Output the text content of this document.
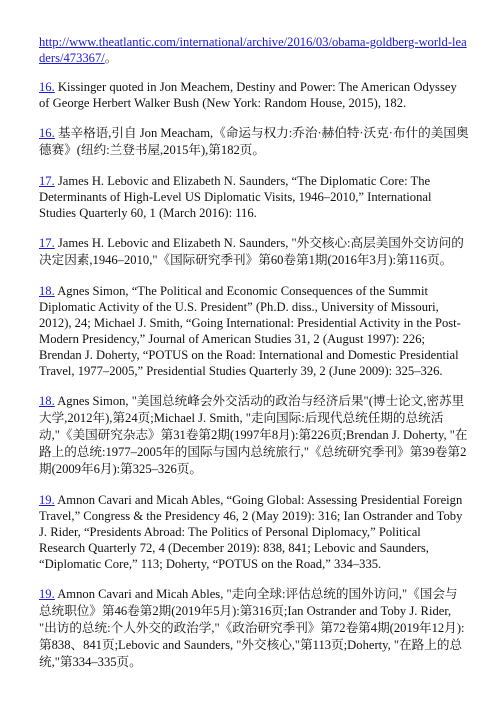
http://www.theatlantic.com/international/archive/2016/03/obama-goldberg-world-leaders/473367/。

16. Kissinger quoted in Jon Meachem, Destiny and Power: The American Odyssey of George Herbert Walker Bush (New York: Random House, 2015), 182.

16. 基辛格语,引自 Jon Meacham,《命运与权力:乔治·赫伯特·沃克·布什的美国奥德赛》(纽约:兰登书屋,2015年),第182页。

17. James H. Lebovic and Elizabeth N. Saunders, “The Diplomatic Core: The Determinants of High-Level US Diplomatic Visits, 1946–2010,” International Studies Quarterly 60, 1 (March 2016): 116.

17. James H. Lebovic and Elizabeth N. Saunders, "外交核心:高层美国外交访问的决定因素,1946–2010,"《国际研究季刊》第60卷第1期(2016年3月):第116页。

18. Agnes Simon, “The Political and Economic Consequences of the Summit Diplomatic Activity of the U.S. President” (Ph.D. diss., University of Missouri, 2012), 24; Michael J. Smith, “Going International: Presidential Activity in the Post-Modern Presidency,” Journal of American Studies 31, 2 (August 1997): 226; Brendan J. Doherty, “POTUS on the Road: International and Domestic Presidential Travel, 1977–2005,” Presidential Studies Quarterly 39, 2 (June 2009): 325–326.

18. Agnes Simon, "美国总统峰会外交活动的政治与经济后果"(博士论文,密苏里大学,2012年),第24页;Michael J. Smith, "走向国际:后现代总统任期的总统活动,"《美国研究杂志》第31卷第2期(1997年8月):第226页;Brendan J. Doherty, "在路上的总统:1977–2005年的国际与国内总统旅行,"《总统研究季刊》第39卷第2期(2009年6月):第325–326页。

19. Amnon Cavari and Micah Ables, “Going Global: Assessing Presidential Foreign Travel,” Congress & the Presidency 46, 2 (May 2019): 316; Ian Ostrander and Toby J. Rider, “Presidents Abroad: The Politics of Personal Diplomacy,” Political Research Quarterly 72, 4 (December 2019): 838, 841; Lebovic and Saunders, “Diplomatic Core,” 113; Doherty, “POTUS on the Road,” 334–335.

19. Amnon Cavari and Micah Ables, "走向全球:评估总统的国外访问,"《国会与总统职位》第46卷第2期(2019年5月):第316页;Ian Ostrander and Toby J. Rider, "出访的总统:个人外交的政治学,"《政治研究季刊》第72卷第4期(2019年12月):第838、841页;Lebovic and Saunders, "外交核心,"第113页;Doherty, "在路上的总统,"第334–335页。
